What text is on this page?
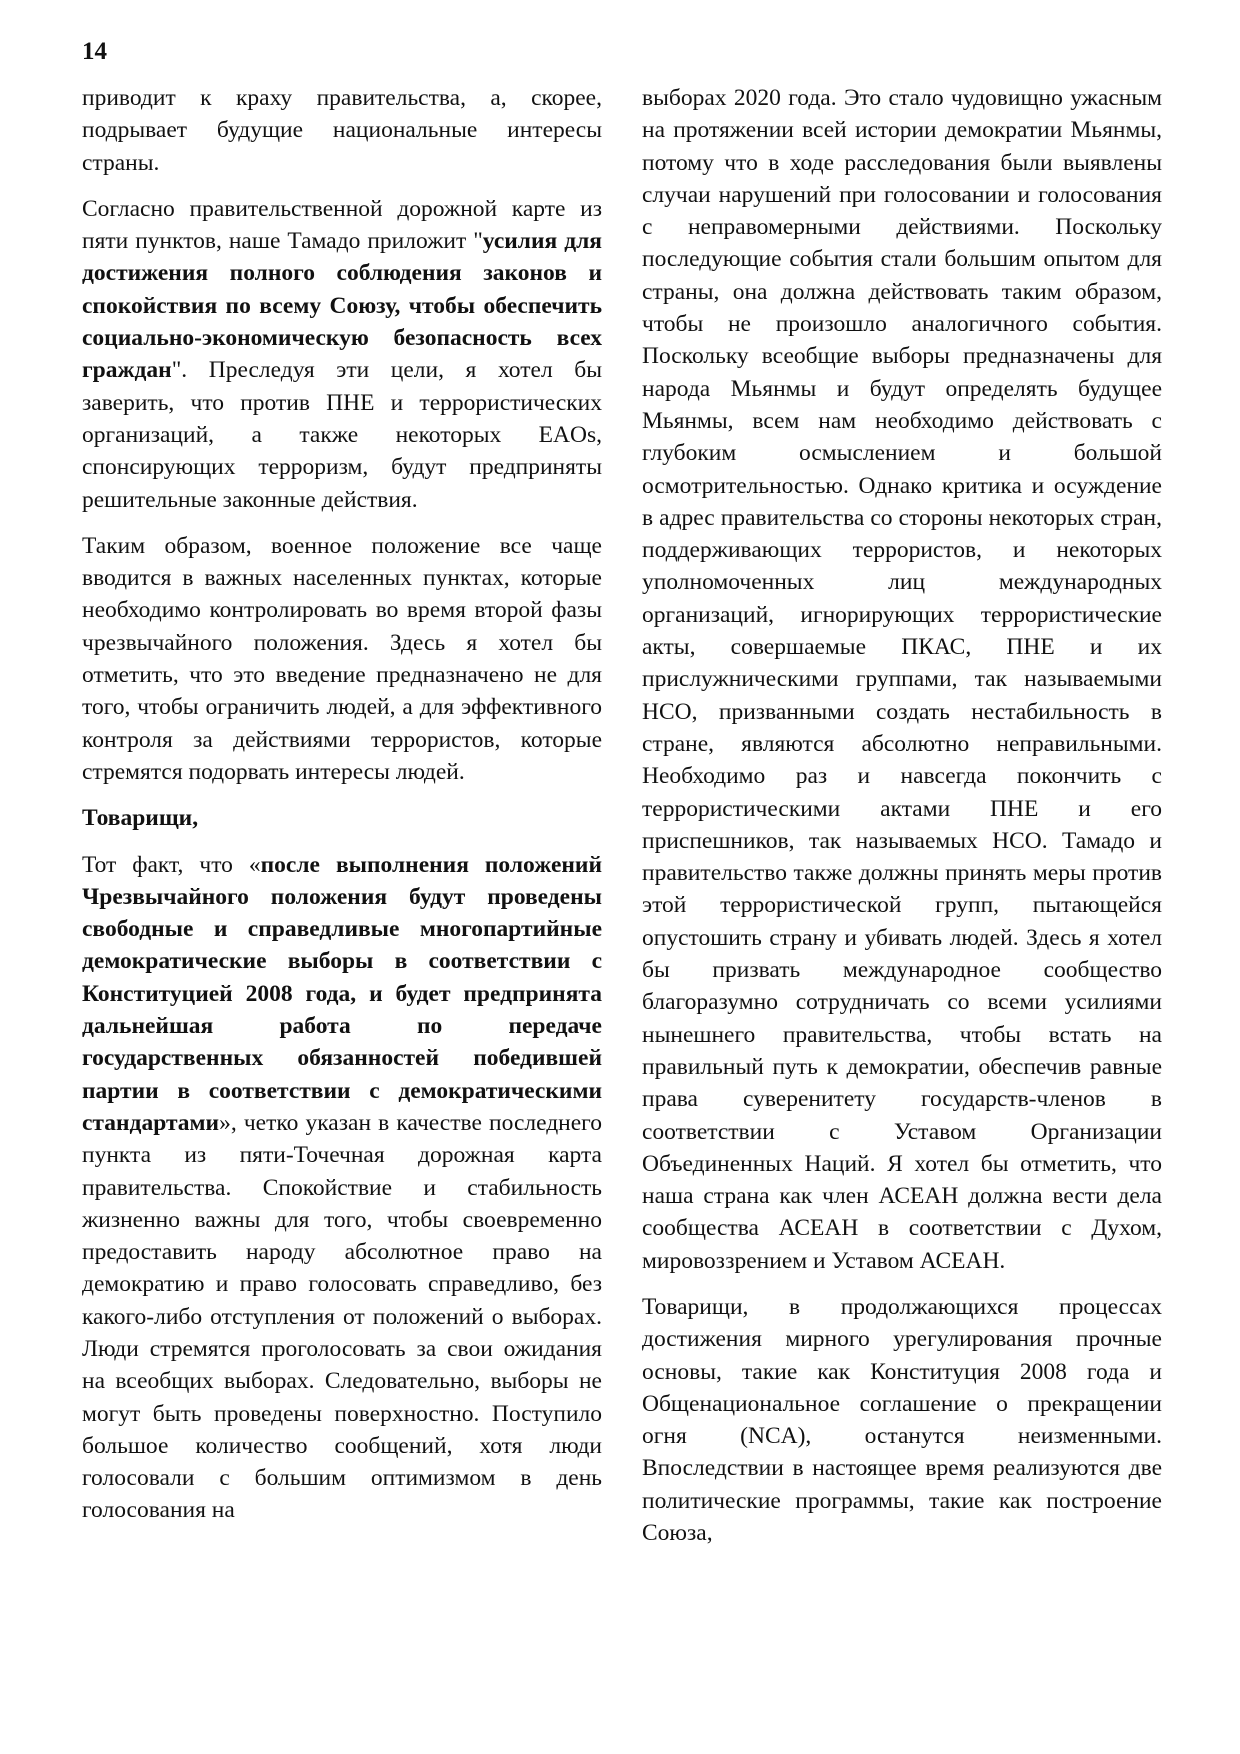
14

приводит к краху правительства, а, скорее, подрывает будущие национальные интересы страны.

Согласно правительственной дорожной карте из пяти пунктов, наше Тамадо приложит "усилия для достижения полного соблюдения законов и спокойствия по всему Союзу, чтобы обеспечить социально-экономическую безопасность всех граждан". Преследуя эти цели, я хотел бы заверить, что против ПНЕ и террористических организаций, а также некоторых EAOs, спонсирующих терроризм, будут предприняты решительные законные действия.

Таким образом, военное положение все чаще вводится в важных населенных пунктах, которые необходимо контролировать во время второй фазы чрезвычайного положения. Здесь я хотел бы отметить, что это введение предназначено не для того, чтобы ограничить людей, а для эффективного контроля за действиями террористов, которые стремятся подорвать интересы людей.

Товарищи,

Тот факт, что «после выполнения положений Чрезвычайного положения будут проведены свободные и справедливые многопартийные демократические выборы в соответствии с Конституцией 2008 года, и будет предпринята дальнейшая работа по передаче государственных обязанностей победившей партии в соответствии с демократическими стандартами», четко указан в качестве последнего пункта из пяти-Точечная дорожная карта правительства. Спокойствие и стабильность жизненно важны для того, чтобы своевременно предоставить народу абсолютное право на демократию и право голосовать справедливо, без какого-либо отступления от положений о выборах. Люди стремятся проголосовать за свои ожидания на всеобщих выборах. Следовательно, выборы не могут быть проведены поверхностно. Поступило большое количество сообщений, хотя люди голосовали с большим оптимизмом в день голосования на

выборах 2020 года. Это стало чудовищно ужасным на протяжении всей истории демократии Мьянмы, потому что в ходе расследования были выявлены случаи нарушений при голосовании и голосования с неправомерными действиями. Поскольку последующие события стали большим опытом для страны, она должна действовать таким образом, чтобы не произошло аналогичного события. Поскольку всеобщие выборы предназначены для народа Мьянмы и будут определять будущее Мьянмы, всем нам необходимо действовать с глубоким осмыслением и большой осмотрительностью. Однако критика и осуждение в адрес правительства со стороны некоторых стран, поддерживающих террористов, и некоторых уполномоченных лиц международных организаций, игнорирующих террористические акты, совершаемые ПКАС, ПНЕ и их прислужническими группами, так называемыми НСО, призванными создать нестабильность в стране, являются абсолютно неправильными. Необходимо раз и навсегда покончить с террористическими актами ПНЕ и его приспешников, так называемых НСО. Тамадо и правительство также должны принять меры против этой террористической групп, пытающейся опустошить страну и убивать людей. Здесь я хотел бы призвать международное сообщество благоразумно сотрудничать со всеми усилиями нынешнего правительства, чтобы встать на правильный путь к демократии, обеспечив равные права суверенитету государств-членов в соответствии с Уставом Организации Объединенных Наций. Я хотел бы отметить, что наша страна как член АСЕАН должна вести дела сообщества АСЕАН в соответствии с Духом, мировоззрением и Уставом АСЕАН.

Товарищи, в продолжающихся процессах достижения мирного урегулирования прочные основы, такие как Конституция 2008 года и Общенациональное соглашение о прекращении огня (NCA), останутся неизменными. Впоследствии в настоящее время реализуются две политические программы, такие как построение Союза,
